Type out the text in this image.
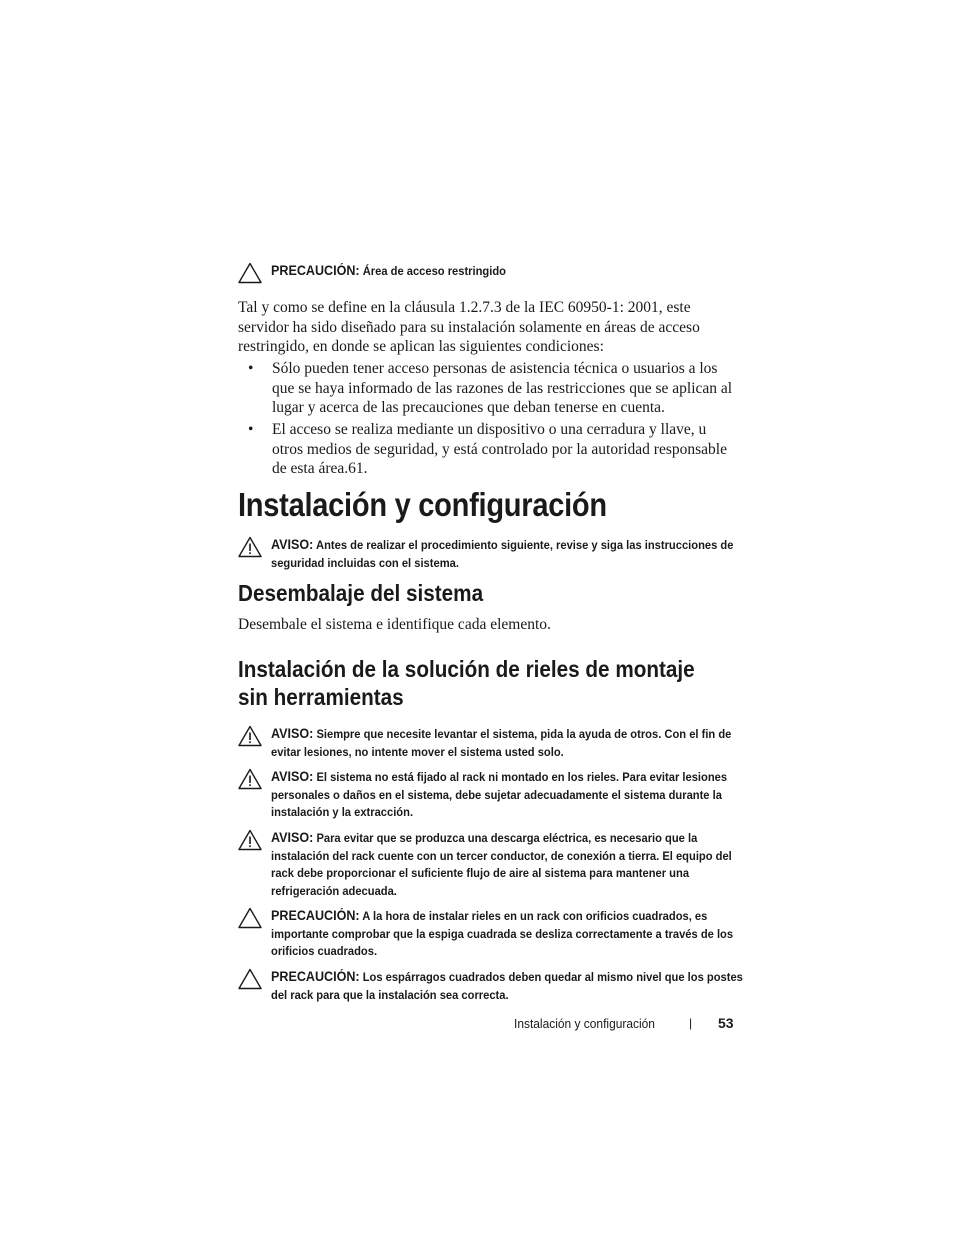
PRECAUCIÓN: Área de acceso restringido
Tal y como se define en la cláusula 1.2.7.3 de la IEC 60950-1: 2001, este servidor ha sido diseñado para su instalación solamente en áreas de acceso restringido, en donde se aplican las siguientes condiciones:
• Sólo pueden tener acceso personas de asistencia técnica o usuarios a los que se haya informado de las razones de las restricciones que se aplican al lugar y acerca de las precauciones que deban tenerse en cuenta.
• El acceso se realiza mediante un dispositivo o una cerradura y llave, u otros medios de seguridad, y está controlado por la autoridad responsable de esta área.61.
Instalación y configuración
AVISO: Antes de realizar el procedimiento siguiente, revise y siga las instrucciones de seguridad incluidas con el sistema.
Desembalaje del sistema
Desembale el sistema e identifique cada elemento.
Instalación de la solución de rieles de montaje sin herramientas
AVISO: Siempre que necesite levantar el sistema, pida la ayuda de otros. Con el fin de evitar lesiones, no intente mover el sistema usted solo.
AVISO: El sistema no está fijado al rack ni montado en los rieles. Para evitar lesiones personales o daños en el sistema, debe sujetar adecuadamente el sistema durante la instalación y la extracción.
AVISO: Para evitar que se produzca una descarga eléctrica, es necesario que la instalación del rack cuente con un tercer conductor, de conexión a tierra. El equipo del rack debe proporcionar el suficiente flujo de aire al sistema para mantener una refrigeración adecuada.
PRECAUCIÓN: A la hora de instalar rieles en un rack con orificios cuadrados, es importante comprobar que la espiga cuadrada se desliza correctamente a través de los orificios cuadrados.
PRECAUCIÓN: Los espárragos cuadrados deben quedar al mismo nivel que los postes del rack para que la instalación sea correcta.
Instalación y configuración	| 53
